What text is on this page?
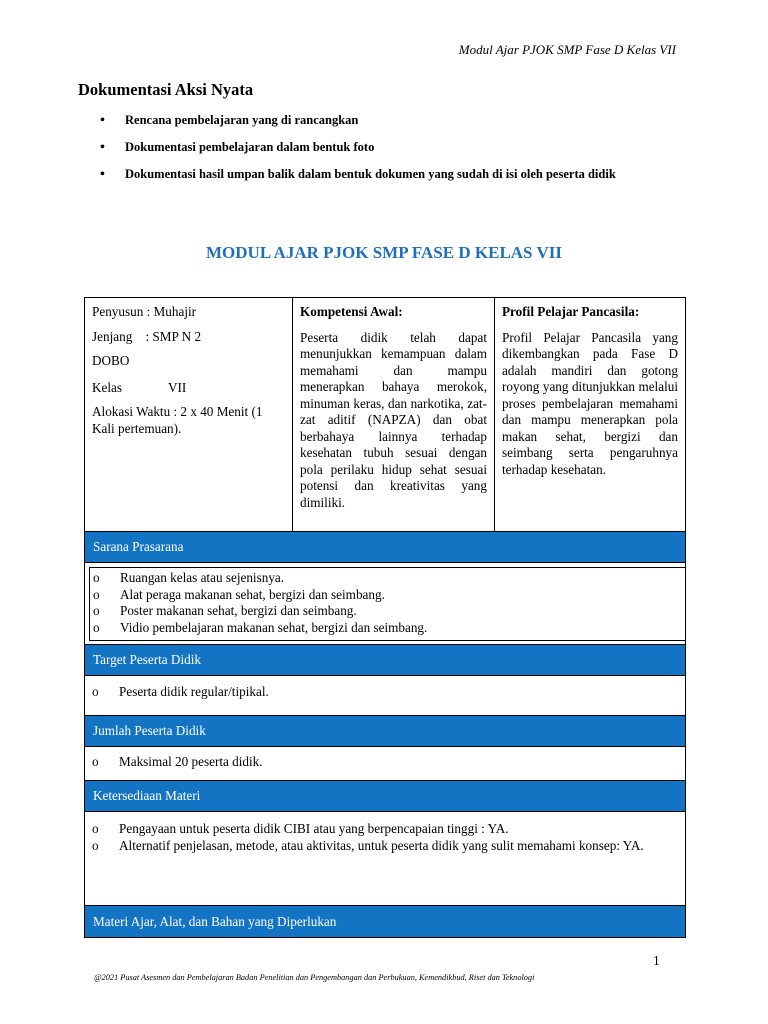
Modul Ajar PJOK SMP Fase D Kelas VII
Dokumentasi Aksi Nyata
• Rencana pembelajaran yang di rancangkan
• Dokumentasi pembelajaran dalam bentuk foto
• Dokumentasi hasil umpan balik dalam bentuk dokumen yang sudah di isi oleh peserta didik
MODUL AJAR PJOK SMP FASE D KELAS VII
Penyusun : Muhajir
Jenjang    : SMP N 2
DOBO
Kelas	VII
Alokasi Waktu : 2 x 40 Menit (1 Kali pertemuan).
Kompetensi Awal:
Peserta didik telah dapat menunjukkan kemampuan dalam memahami dan mampu menerapkan bahaya merokok, minuman keras, dan narkotika, zat-zat aditif (NAPZA) dan obat berbahaya lainnya terhadap kesehatan tubuh sesuai dengan pola perilaku hidup sehat sesuai potensi dan kreativitas yang dimiliki.
Profil Pelajar Pancasila:
Profil Pelajar Pancasila yang dikembangkan pada Fase D adalah mandiri dan gotong royong yang ditunjukkan melalui proses pembelajaran memahami dan mampu menerapkan pola makan sehat, bergizi dan seimbang serta pengaruhnya terhadap kesehatan.
Sarana Prasarana
o Ruangan kelas atau sejenisnya.
o Alat peraga makanan sehat, bergizi dan seimbang.
o Poster makanan sehat, bergizi dan seimbang.
o Vidio pembelajaran makanan sehat, bergizi dan seimbang.
Target Peserta Didik
o Peserta didik regular/tipikal.
Jumlah Peserta Didik
o Maksimal 20 peserta didik.
Ketersediaan Materi
o Pengayaan untuk peserta didik CIBI atau yang berpencapaian tinggi : YA.
o Alternatif penjelasan, metode, atau aktivitas, untuk peserta didik yang sulit memahami konsep: YA.
Materi Ajar, Alat, dan Bahan yang Diperlukan
1
@2021 Pusat Asesmen dan Pembelajaran Badan Penelitian dan Pengembangan dan Perbukuan, Kemendikbud, Riset dan Teknologi
